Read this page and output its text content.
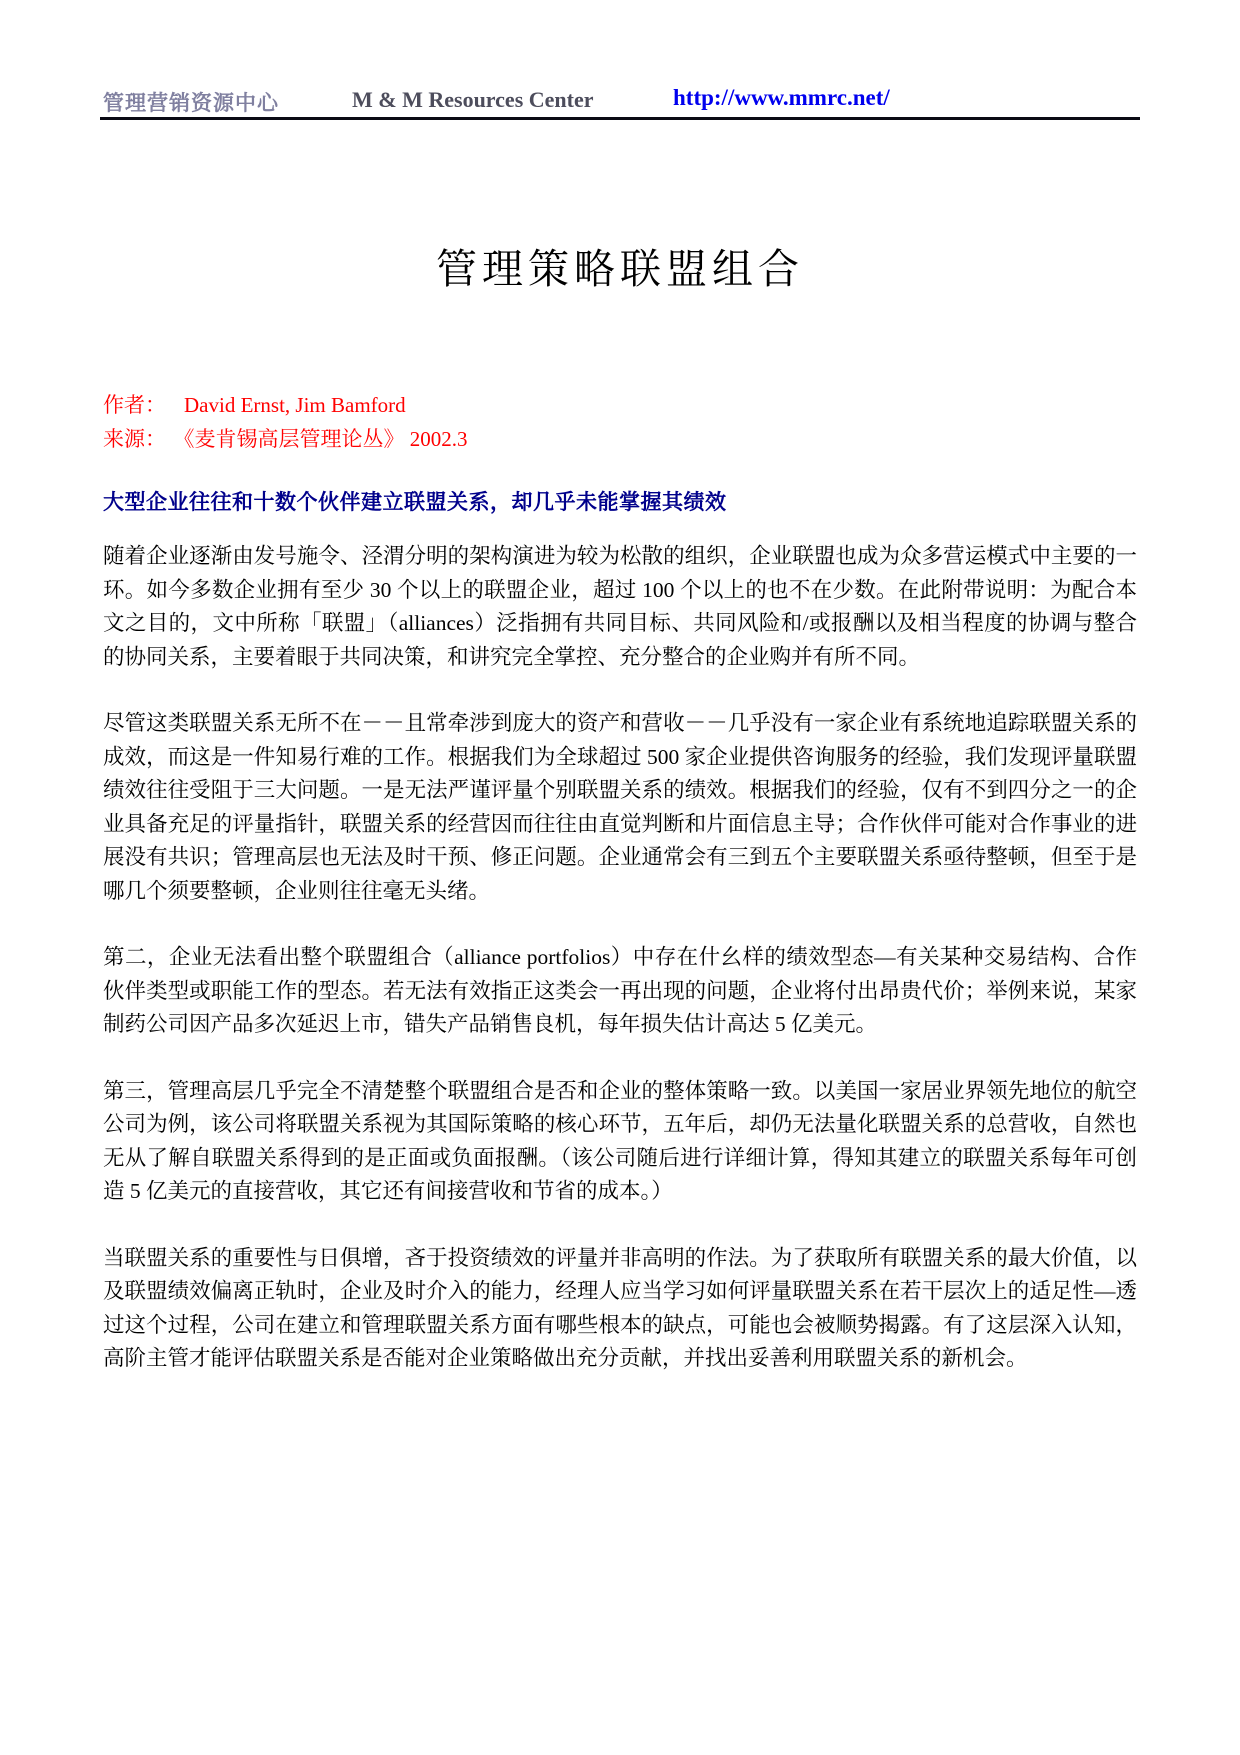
管理营销资源中心	M & M Resources Center	http://www.mmrc.net/
管理策略联盟组合
作者： David Ernst, Jim Bamford
来源： 《麦肯锡高层管理论丛》 2002.3
大型企业往往和十数个伙伴建立联盟关系，却几乎未能掌握其绩效

随着企业逐渐由发号施令、泾渭分明的架构演进为较为松散的组织，企业联盟也成为众多营运模式中主要的一环。如今多数企业拥有至少 30 个以上的联盟企业，超过 100 个以上的也不在少数。在此附带说明：为配合本文之目的，文中所称「联盟」（alliances）泛指拥有共同目标、共同风险和/或报酬以及相当程度的协调与整合的协同关系，主要着眼于共同决策，和讲究完全掌控、充分整合的企业购并有所不同。

尽管这类联盟关系无所不在－－且常牵涉到庞大的资产和营收－－几乎没有一家企业有系统地追踪联盟关系的成效，而这是一件知易行难的工作。根据我们为全球超过 500 家企业提供咨询服务的经验，我们发现评量联盟绩效往往受阻于三大问题。一是无法严谨评量个别联盟关系的绩效。根据我们的经验，仅有不到四分之一的企业具备充足的评量指针，联盟关系的经营因而往往由直觉判断和片面信息主导；合作伙伴可能对合作事业的进展没有共识；管理高层也无法及时干预、修正问题。企业通常会有三到五个主要联盟关系亟待整顿，但至于是哪几个须要整顿，企业则往往毫无头绪。

第二，企业无法看出整个联盟组合（alliance portfolios）中存在什幺样的绩效型态—有关某种交易结构、合作伙伴类型或职能工作的型态。若无法有效指正这类会一再出现的问题，企业将付出昂贵代价；举例来说，某家制药公司因产品多次延迟上市，错失产品销售良机，每年损失估计高达 5 亿美元。

第三，管理高层几乎完全不清楚整个联盟组合是否和企业的整体策略一致。以美国一家居业界领先地位的航空公司为例，该公司将联盟关系视为其国际策略的核心环节，五年后，却仍无法量化联盟关系的总营收，自然也无从了解自联盟关系得到的是正面或负面报酬。（该公司随后进行详细计算，得知其建立的联盟关系每年可创造 5 亿美元的直接营收，其它还有间接营收和节省的成本。）

当联盟关系的重要性与日俱增，吝于投资绩效的评量并非高明的作法。为了获取所有联盟关系的最大价值，以及联盟绩效偏离正轨时，企业及时介入的能力，经理人应当学习如何评量联盟关系在若干层次上的适足性—透过这个过程，公司在建立和管理联盟关系方面有哪些根本的缺点，可能也会被顺势揭露。有了这层深入认知，高阶主管才能评估联盟关系是否能对企业策略做出充分贡献，并找出妥善利用联盟关系的新机会。
